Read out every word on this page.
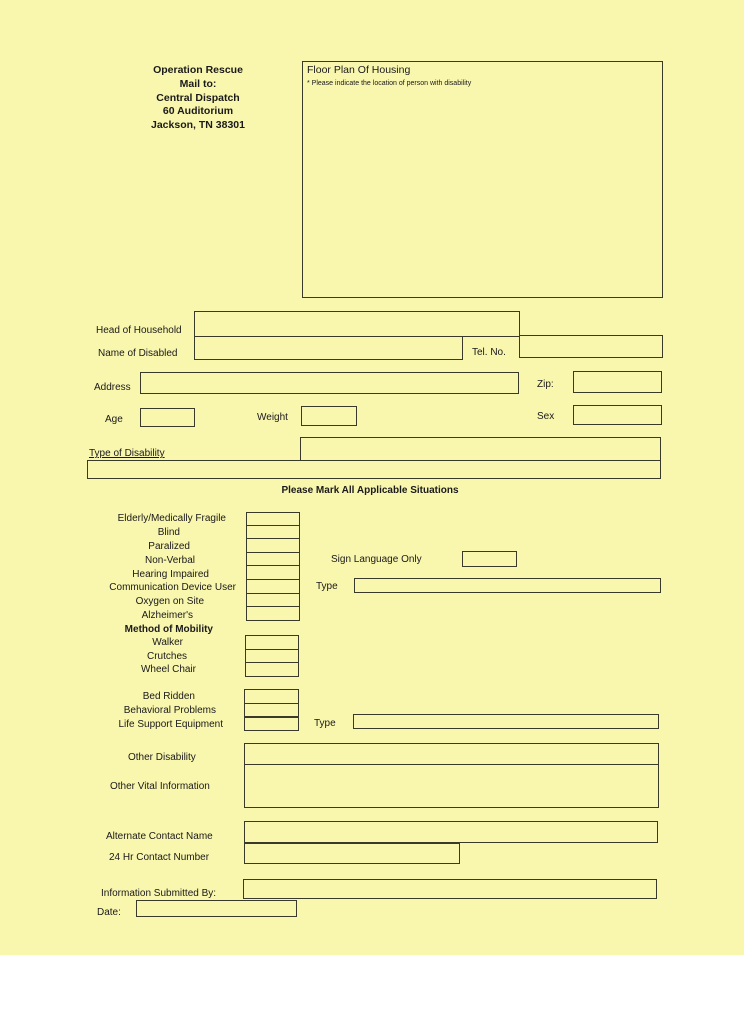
Operation Rescue
Mail to:
Central Dispatch
60 Auditorium
Jackson, TN 38301
Floor Plan Of Housing
* Please indicate the location of person with disability
Head of Household
Name of Disabled	Tel. No.
Address	Zip:
Age	Weight	Sex
Type of Disability
Please Mark All Applicable Situations
Elderly/Medically Fragile
Blind
Paralized
Non-Verbal
Hearing Impaired
Communication Device User
Oxygen on Site
Alzheimer's
Sign Language Only
Type
Method of Mobility
Walker
Crutches
Wheel Chair
Bed Ridden
Behavioral Problems
Life Support Equipment	Type
Other Disability
Other Vital Information
Alternate Contact Name
24 Hr Contact Number
Information Submitted By:
Date:
